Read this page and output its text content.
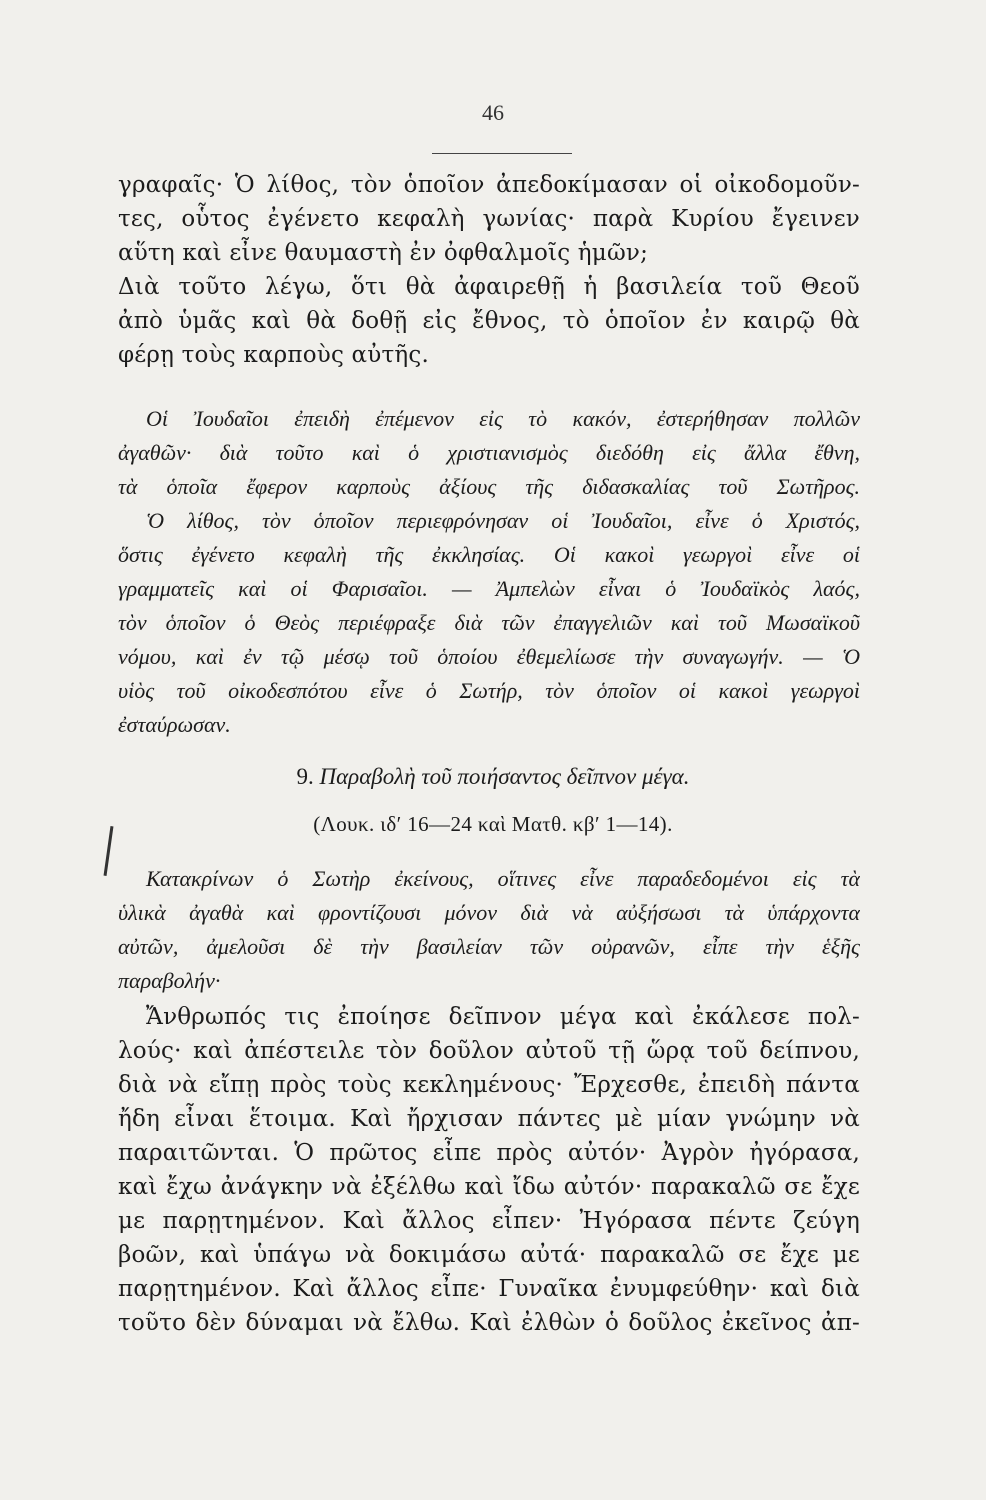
46
γραφαῖς· Ὁ λίθος, τὸν ὁποῖον ἀπεδοκίμασαν οἱ οἰκοδομοῦν-
τες, οὗτος ἐγένετο κεφαλὴ γωνίας· παρὰ Κυρίου ἔγεινεν
αὕτη καὶ εἶνε θαυμαστὴ ἐν ὀφθαλμοῖς ἡμῶν;
Διὰ τοῦτο λέγω, ὅτι θὰ ἀφαιρεθῇ ἡ βασιλεία τοῦ Θεοῦ
ἀπὸ ὑμᾶς καὶ θὰ δοθῇ εἰς ἔθνος, τὸ ὁποῖον ἐν καιρῷ θὰ
φέρῃ τοὺς καρποὺς αὐτῆς.
Οἱ Ἰουδαῖοι ἐπειδὴ ἐπέμενον εἰς τὸ κακόν, ἐστερήθησαν πολλῶν
ἀγαθῶν· διὰ τοῦτο καὶ ὁ χριστιανισμὸς διεδόθη εἰς ἄλλα ἔθνη,
τὰ ὁποῖα ἔφερον καρποὺς ἀξίους τῆς διδασκαλίας τοῦ Σωτῆρος.
Ὁ λίθος, τὸν ὁποῖον περιεφρόνησαν οἱ Ἰουδαῖοι, εἶνε ὁ Χριστός,
ὅστις ἐγένετο κεφαλὴ τῆς ἐκκλησίας. Οἱ κακοὶ γεωργοὶ εἶνε οἱ
γραμματεῖς καὶ οἱ Φαρισαῖοι. — Ἀμπελὼν εἶναι ὁ Ἰουδαϊκὸς λαός,
τὸν ὁποῖον ὁ Θεὸς περιέφραξε διὰ τῶν ἐπαγγελιῶν καὶ τοῦ Μωσαϊκοῦ
νόμου, καὶ ἐν τῷ μέσῳ τοῦ ὁποίου ἐθεμελίωσε τὴν συναγωγήν. — Ὁ
υἱὸς τοῦ οἰκοδεσπότου εἶνε ὁ Σωτήρ, τὸν ὁποῖον οἱ κακοὶ γεωργοὶ
ἐσταύρωσαν.
Κατακρίνων ὁ Σωτὴρ ἐκείνους, οἵτινες εἶνε παραδεδομένοι εἰς τὰ
ὑλικὰ ἀγαθὰ καὶ φροντίζουσι μόνον διὰ νὰ αὐξήσωσι τὰ ὑπάρχοντα
αὐτῶν, ἀμελοῦσι δὲ τὴν βασιλείαν τῶν οὐρανῶν, εἶπε τὴν ἑξῆς
παραβολήν·
Ἄνθρωπός τις ἐποίησε δεῖπνον μέγα καὶ ἐκάλεσε πολ-
λούς· καὶ ἀπέστειλε τὸν δοῦλον αὐτοῦ τῇ ὥρᾳ τοῦ δείπνου,
διὰ νὰ εἴπῃ πρὸς τοὺς κεκλημένους· Ἔρχεσθε, ἐπειδὴ πάντα
ἤδη εἶναι ἕτοιμα. Καὶ ἤρχισαν πάντες μὲ μίαν γνώμην νὰ
παραιτῶνται. Ὁ πρῶτος εἶπε πρὸς αὐτόν· Ἀγρὸν ἠγόρασα,
καὶ ἔχω ἀνάγκην νὰ ἐξέλθω καὶ ἴδω αὐτόν· παρακαλῶ σε ἔχε
με παρῃτημένον. Καὶ ἄλλος εἶπεν· Ἠγόρασα πέντε ζεύγη
βοῶν, καὶ ὑπάγω νὰ δοκιμάσω αὐτά· παρακαλῶ σε ἔχε με
παρῃτημένον. Καὶ ἄλλος εἶπε· Γυναῖκα ἐνυμφεύθην· καὶ διὰ
τοῦτο δὲν δύναμαι νὰ ἔλθω. Καὶ ἐλθὼν ὁ δοῦλος ἐκεῖνος ἀπ-
9. Παραβολὴ τοῦ ποιήσαντος δεῖπνον μέγα.
(Λουκ. ιδʹ 16—24 καὶ Ματθ. κβʹ 1—14).
